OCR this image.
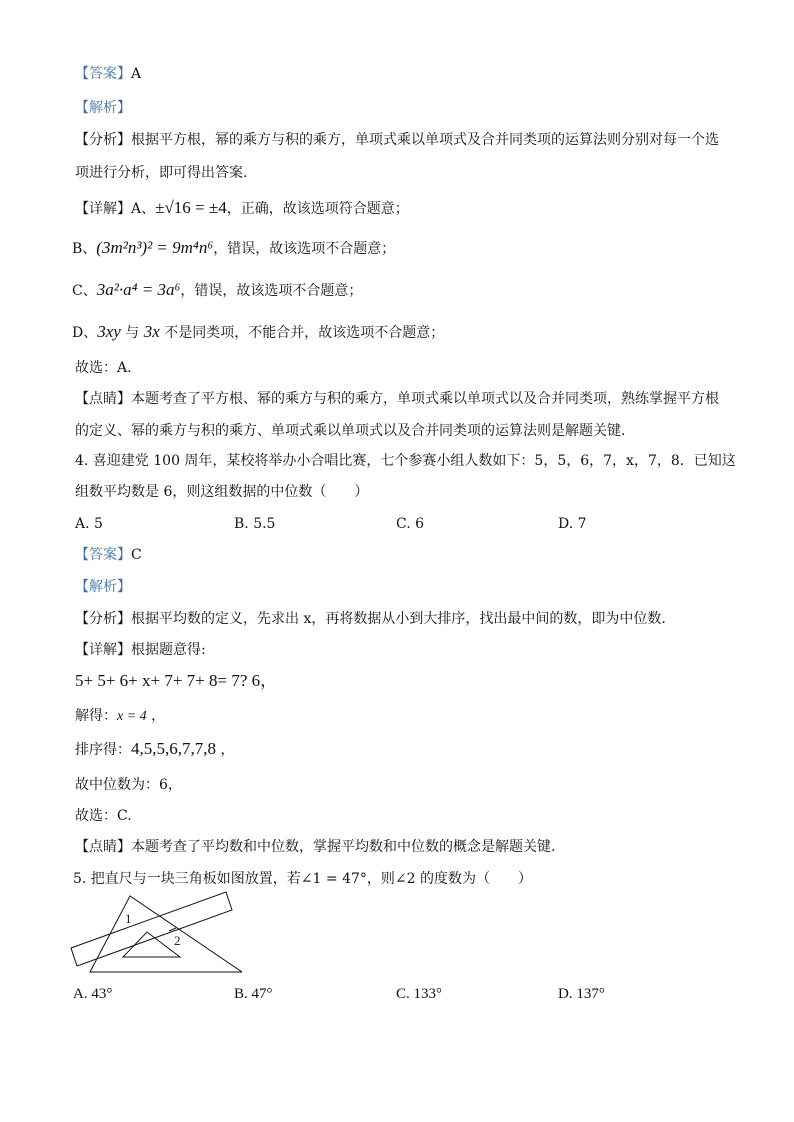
【答案】A
【解析】
【分析】根据平方根，幂的乘方与积的乘方，单项式乘以单项式及合并同类项的运算法则分别对每一个选
项进行分析，即可得出答案.
【详解】A、±√16 = ±4，正确，故该选项符合题意；
B、(3m²n³)² = 9m⁴n⁶，错误，故该选项不合题意；
C、3a²·a⁴ = 3a⁶，错误，故该选项不合题意；
D、3xy 与 3x 不是同类项，不能合并，故该选项不合题意；
故选：A.
【点睛】本题考查了平方根、幂的乘方与积的乘方，单项式乘以单项式以及合并同类项，熟练掌握平方根
的定义、幂的乘方与积的乘方、单项式乘以单项式以及合并同类项的运算法则是解题关键.
4. 喜迎建党 100 周年，某校将举办小合唱比赛，七个参赛小组人数如下：5，5，6，7，x，7，8．已知这
组数平均数是 6，则这组数据的中位数（　　）
A. 5	B. 5.5	C. 6	D. 7
【答案】C
【解析】
【分析】根据平均数的定义，先求出 x，再将数据从小到大排序，找出最中间的数，即为中位数.
【详解】根据题意得:
5+ 5+ 6+ x+ 7+ 7+ 8= 7? 6，
解得：x = 4 ，
排序得：4,5,5,6,7,7,8 ，
故中位数为：6，
故选：C.
【点睛】本题考查了平均数和中位数，掌握平均数和中位数的概念是解题关键.
5. 把直尺与一块三角板如图放置，若∠1 = 47°，则∠2 的度数为（　　）
1
2
A. 43°	B. 47°	C. 133°	D. 137°
